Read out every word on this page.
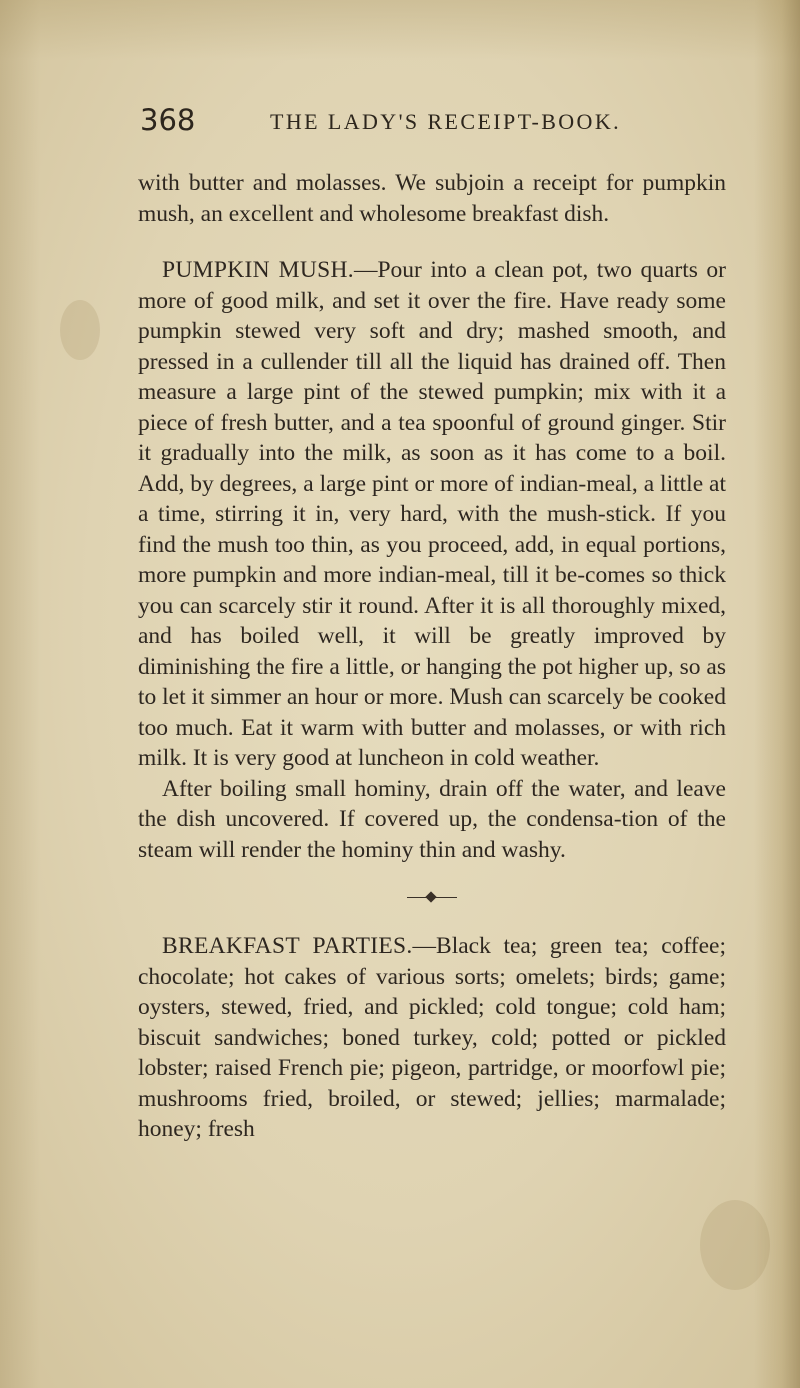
368	THE LADY'S RECEIPT-BOOK.

with butter and molasses. We subjoin a receipt for pumpkin mush, an excellent and wholesome breakfast dish.

PUMPKIN MUSH.—Pour into a clean pot, two quarts or more of good milk, and set it over the fire. Have ready some pumpkin stewed very soft and dry; mashed smooth, and pressed in a cullender till all the liquid has drained off. Then measure a large pint of the stewed pumpkin; mix with it a piece of fresh butter, and a tea spoonful of ground ginger. Stir it gradually into the milk, as soon as it has come to a boil. Add, by degrees, a large pint or more of indian-meal, a little at a time, stirring it in, very hard, with the mush-stick. If you find the mush too thin, as you proceed, add, in equal portions, more pumpkin and more indian-meal, till it be-comes so thick you can scarcely stir it round. After it is all thoroughly mixed, and has boiled well, it will be greatly improved by diminishing the fire a little, or hanging the pot higher up, so as to let it simmer an hour or more. Mush can scarcely be cooked too much. Eat it warm with butter and molasses, or with rich milk. It is very good at luncheon in cold weather.

After boiling small hominy, drain off the water, and leave the dish uncovered. If covered up, the condensa-tion of the steam will render the hominy thin and washy.

BREAKFAST PARTIES.—Black tea; green tea; coffee; chocolate; hot cakes of various sorts; omelets; birds; game; oysters, stewed, fried, and pickled; cold tongue; cold ham; biscuit sandwiches; boned turkey, cold; potted or pickled lobster; raised French pie; pigeon, partridge, or moorfowl pie; mushrooms fried, broiled, or stewed; jellies; marmalade; honey; fresh
